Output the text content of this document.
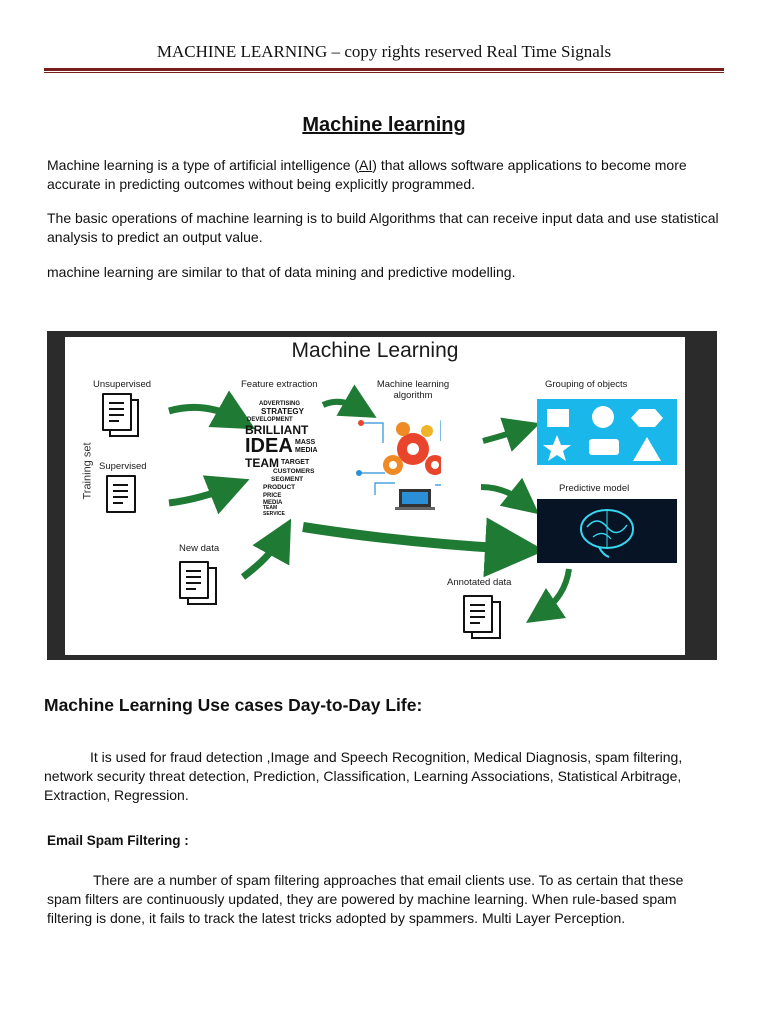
MACHINE LEARNING – copy rights reserved Real Time Signals
Machine learning

Machine learning is a type of artificial intelligence (AI) that allows software applications to become more accurate in predicting outcomes without being explicitly programmed.

The basic operations of machine learning is to build Algorithms that can receive input data and use statistical analysis to predict an output value.

machine learning are similar to that of data mining and predictive modelling.

Machine Learning
Training set
Unsupervised
Supervised
New data
Feature extraction
ADVERTISING
STRATEGY
DEVELOPMENT
BRILLIANT
IDEA MASS
MEDIA
TEAM TARGET
CUSTOMERS
SEGMENT
PRODUCT
PRICE
MEDIA
TEAM
SERVICE
Machine learning algorithm
Grouping of objects
Predictive model
Annotated data
Machine Learning Use cases Day-to-Day Life:

It is used for fraud detection ,Image and Speech Recognition, Medical Diagnosis, spam filtering, network security threat detection, Prediction, Classification, Learning Associations, Statistical Arbitrage, Extraction, Regression.

Email Spam Filtering :

There are a number of spam filtering approaches that email clients use. To as certain that these spam filters are continuously updated, they are powered by machine learning. When rule-based spam filtering is done, it fails to track the latest tricks adopted by spammers. Multi Layer Perception.
